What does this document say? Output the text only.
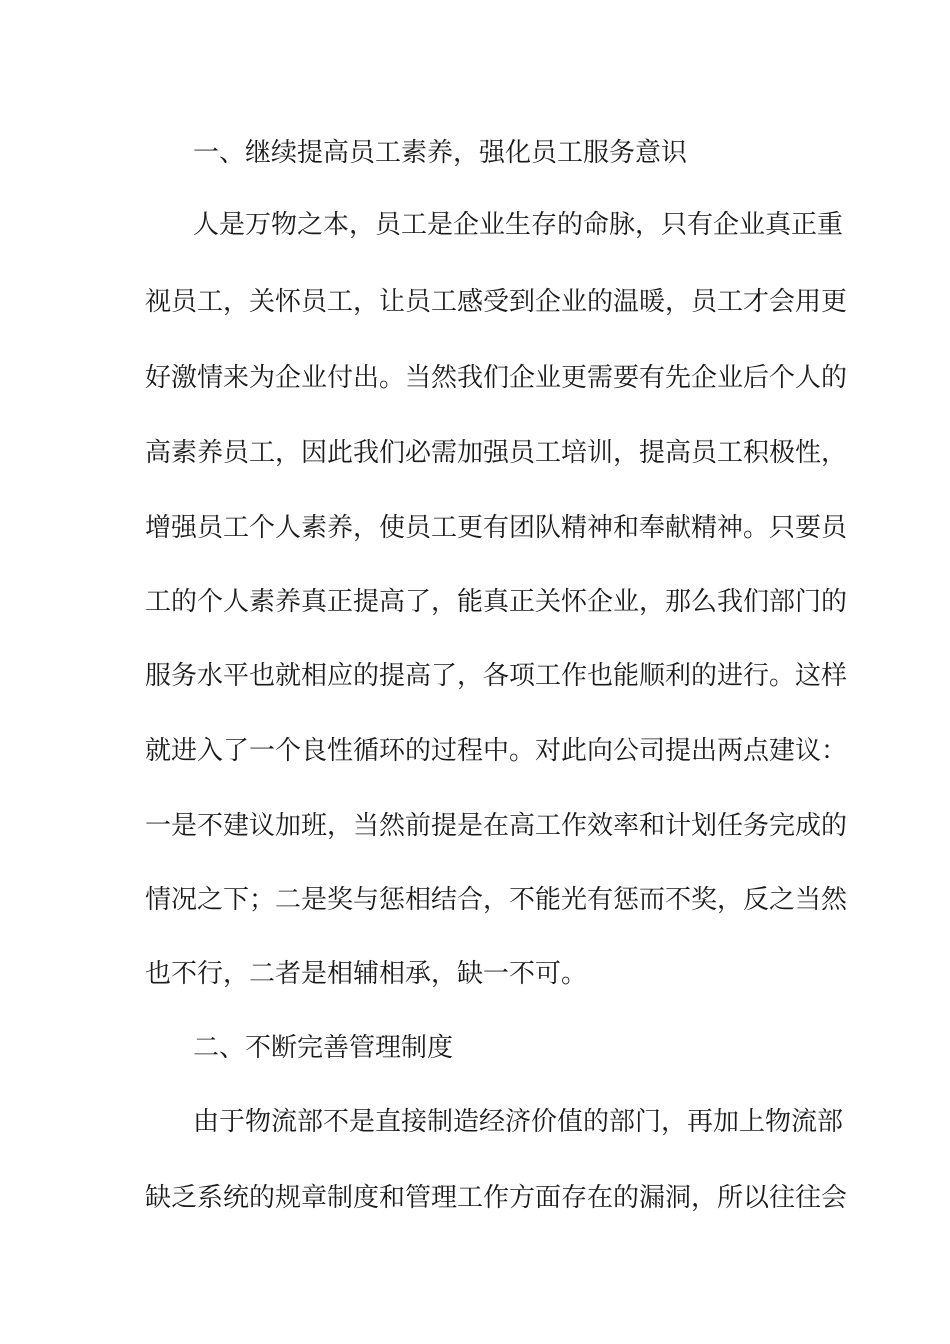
一、继续提高员工素养，强化员工服务意识
人是万物之本，员工是企业生存的命脉，只有企业真正重
视员工，关怀员工，让员工感受到企业的温暖，员工才会用更
好激情来为企业付出。当然我们企业更需要有先企业后个人的
高素养员工，因此我们必需加强员工培训，提高员工积极性，
增强员工个人素养，使员工更有团队精神和奉献精神。只要员
工的个人素养真正提高了，能真正关怀企业，那么我们部门的
服务水平也就相应的提高了，各项工作也能顺利的进行。这样
就进入了一个良性循环的过程中。对此向公司提出两点建议：
一是不建议加班，当然前提是在高工作效率和计划任务完成的
情况之下；二是奖与惩相结合，不能光有惩而不奖，反之当然
也不行，二者是相辅相承，缺一不可。
二、不断完善管理制度
由于物流部不是直接制造经济价值的部门，再加上物流部
缺乏系统的规章制度和管理工作方面存在的漏洞，所以往往会
